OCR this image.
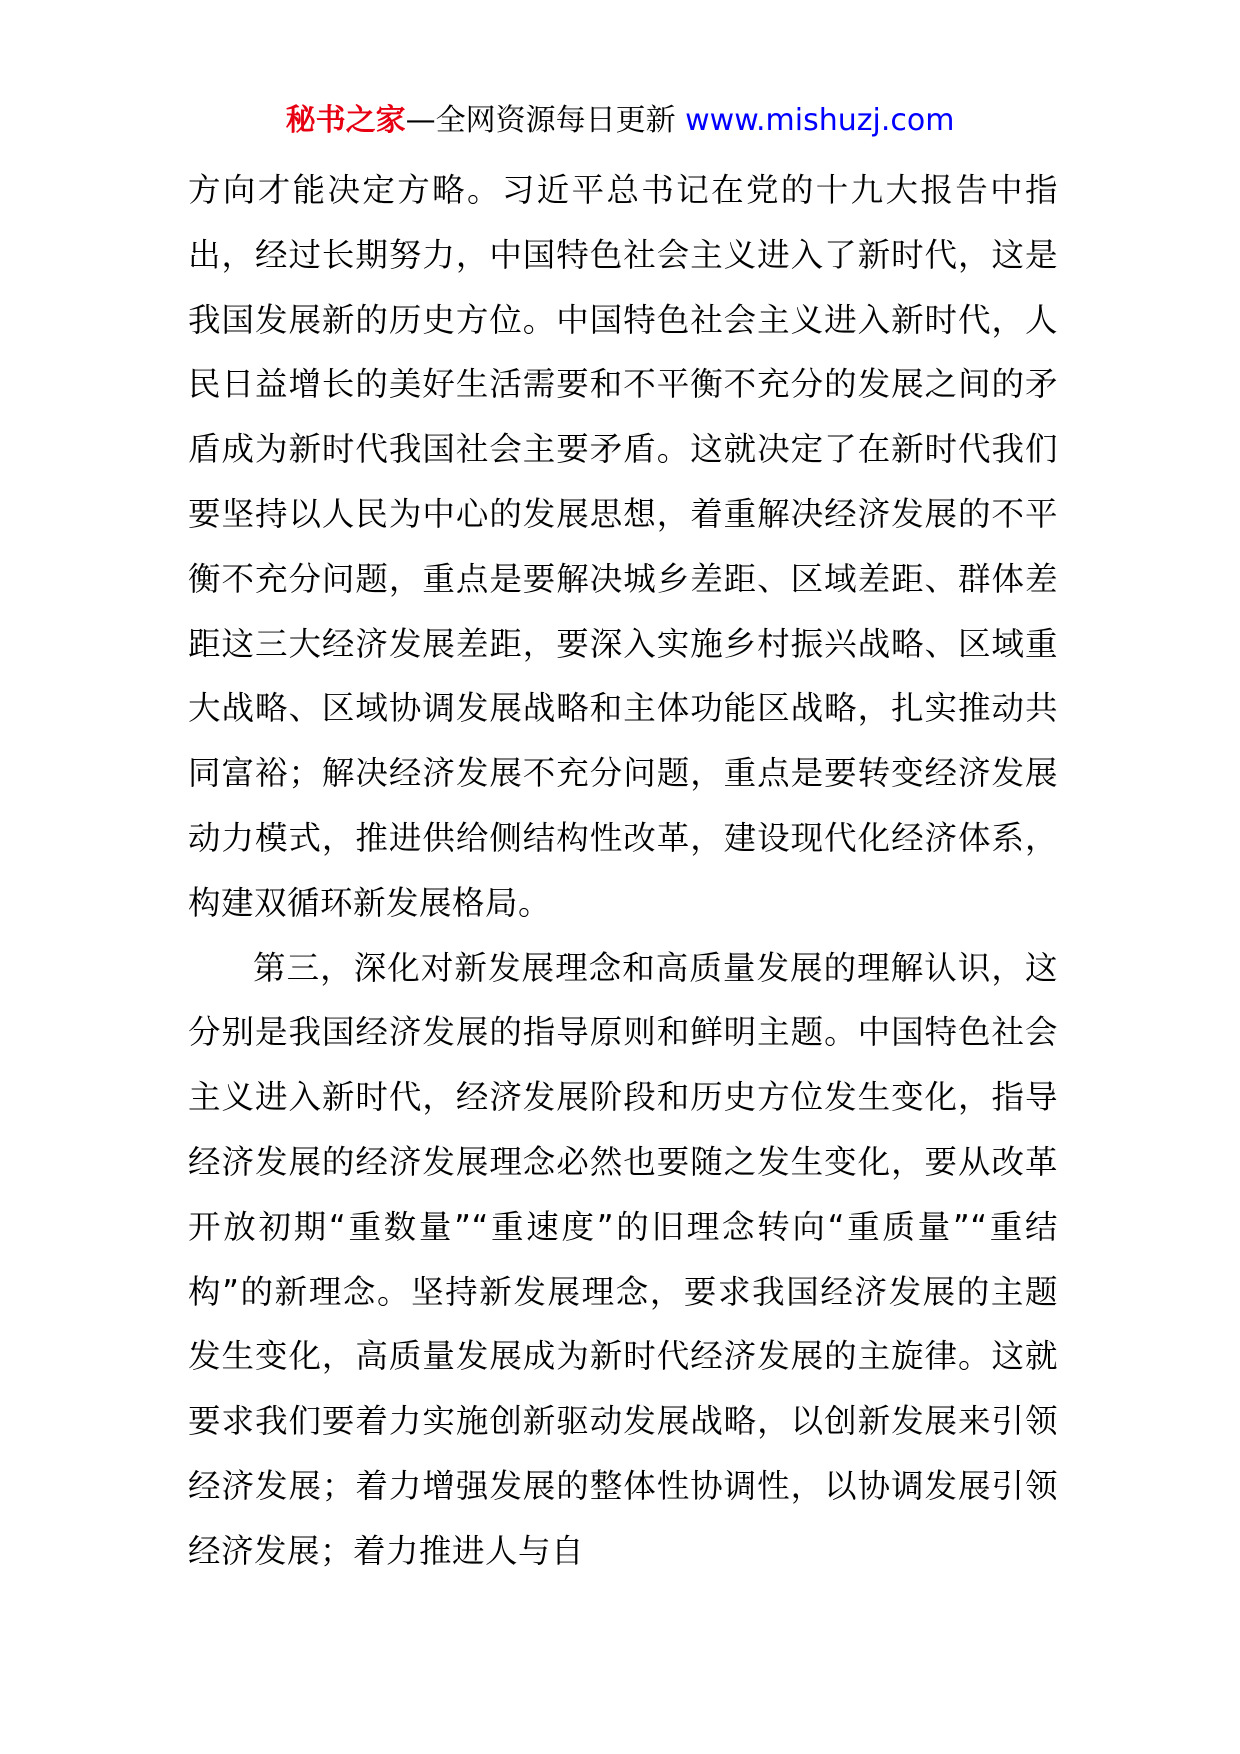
秘书之家—全网资源每日更新 www.mishuzj.com

方向才能决定方略。习近平总书记在党的十九大报告中指出，经过长期努力，中国特色社会主义进入了新时代，这是我国发展新的历史方位。中国特色社会主义进入新时代，人民日益增长的美好生活需要和不平衡不充分的发展之间的矛盾成为新时代我国社会主要矛盾。这就决定了在新时代我们要坚持以人民为中心的发展思想，着重解决经济发展的不平衡不充分问题，重点是要解决城乡差距、区域差距、群体差距这三大经济发展差距，要深入实施乡村振兴战略、区域重大战略、区域协调发展战略和主体功能区战略，扎实推动共同富裕；解决经济发展不充分问题，重点是要转变经济发展动力模式，推进供给侧结构性改革，建设现代化经济体系，构建双循环新发展格局。

第三，深化对新发展理念和高质量发展的理解认识，这分别是我国经济发展的指导原则和鲜明主题。中国特色社会主义进入新时代，经济发展阶段和历史方位发生变化，指导经济发展的经济发展理念必然也要随之发生变化，要从改革开放初期“重数量”“重速度”的旧理念转向“重质量”“重结构”的新理念。坚持新发展理念，要求我国经济发展的主题发生变化，高质量发展成为新时代经济发展的主旋律。这就要求我们要着力实施创新驱动发展战略，以创新发展来引领经济发展；着力增强发展的整体性协调性，以协调发展引领经济发展；着力推进人与自
